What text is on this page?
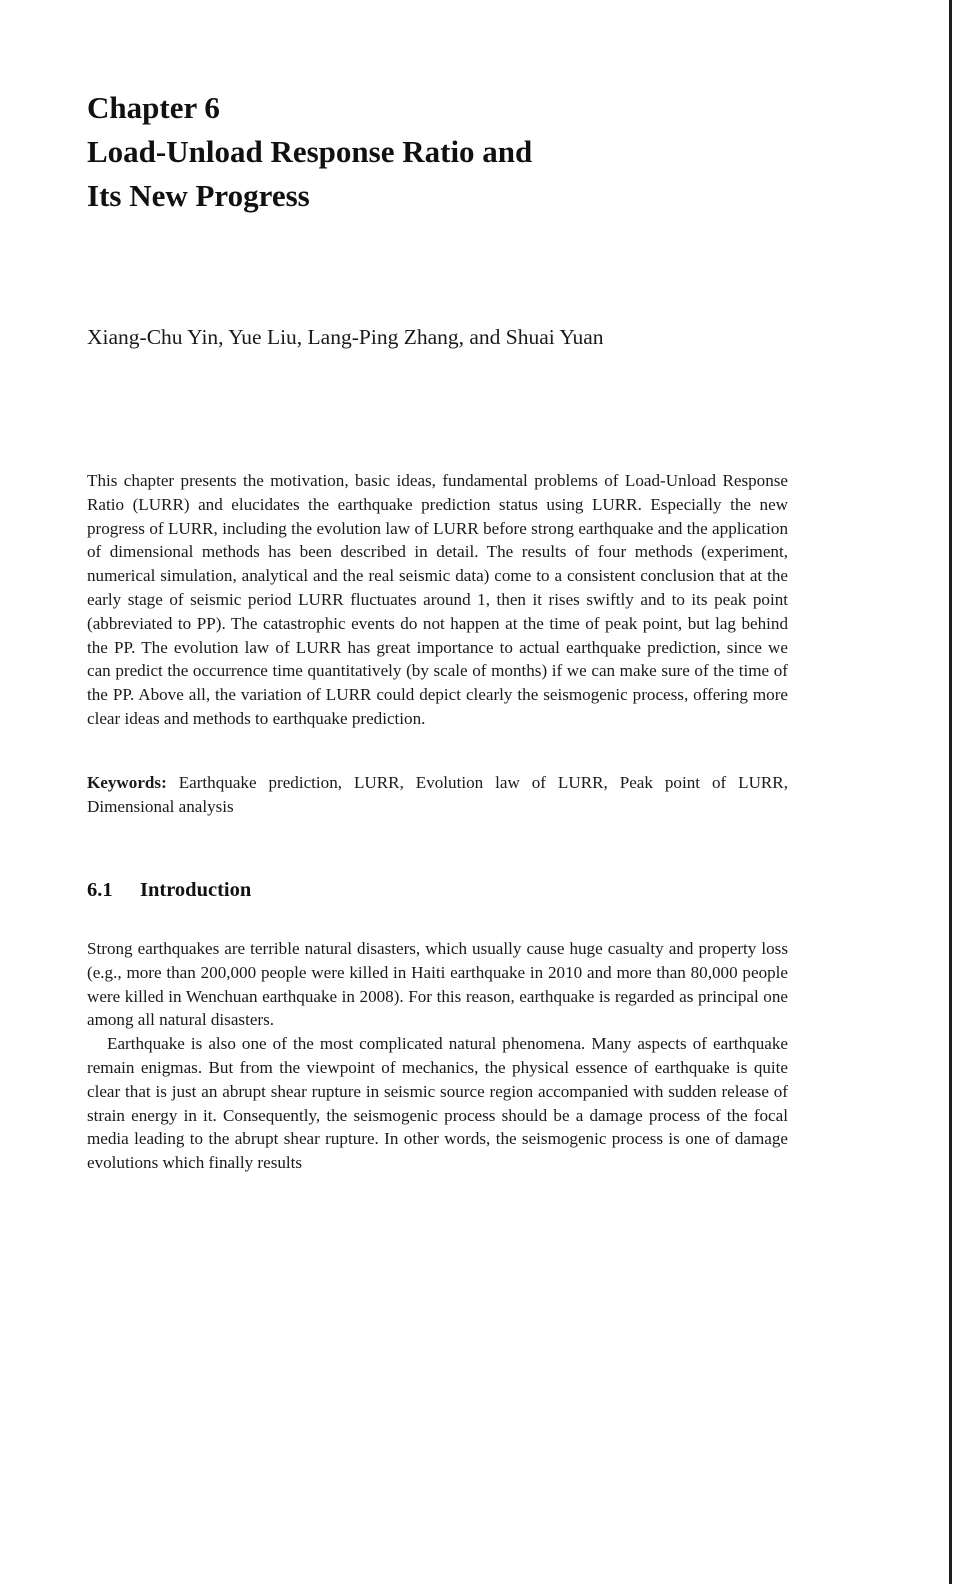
Chapter 6
Load-Unload Response Ratio and
Its New Progress
Xiang-Chu Yin, Yue Liu, Lang-Ping Zhang, and Shuai Yuan

This chapter presents the motivation, basic ideas, fundamental problems of Load-Unload Response Ratio (LURR) and elucidates the earthquake prediction status using LURR. Especially the new progress of LURR, including the evolution law of LURR before strong earthquake and the application of dimensional methods has been described in detail. The results of four methods (experiment, numerical simulation, analytical and the real seismic data) come to a consistent conclusion that at the early stage of seismic period LURR fluctuates around 1, then it rises swiftly and to its peak point (abbreviated to PP). The catastrophic events do not happen at the time of peak point, but lag behind the PP. The evolution law of LURR has great importance to actual earthquake prediction, since we can predict the occurrence time quantitatively (by scale of months) if we can make sure of the time of the PP. Above all, the variation of LURR could depict clearly the seismogenic process, offering more clear ideas and methods to earthquake prediction.

Keywords: Earthquake prediction, LURR, Evolution law of LURR, Peak point of LURR, Dimensional analysis

6.1 Introduction

Strong earthquakes are terrible natural disasters, which usually cause huge casualty and property loss (e.g., more than 200,000 people were killed in Haiti earthquake in 2010 and more than 80,000 people were killed in Wenchuan earthquake in 2008). For this reason, earthquake is regarded as principal one among all natural disasters.

Earthquake is also one of the most complicated natural phenomena. Many aspects of earthquake remain enigmas. But from the viewpoint of mechanics, the physical essence of earthquake is quite clear that is just an abrupt shear rupture in seismic source region accompanied with sudden release of strain energy in it. Consequently, the seismogenic process should be a damage process of the focal media leading to the abrupt shear rupture. In other words, the seismogenic process is one of damage evolutions which finally results
